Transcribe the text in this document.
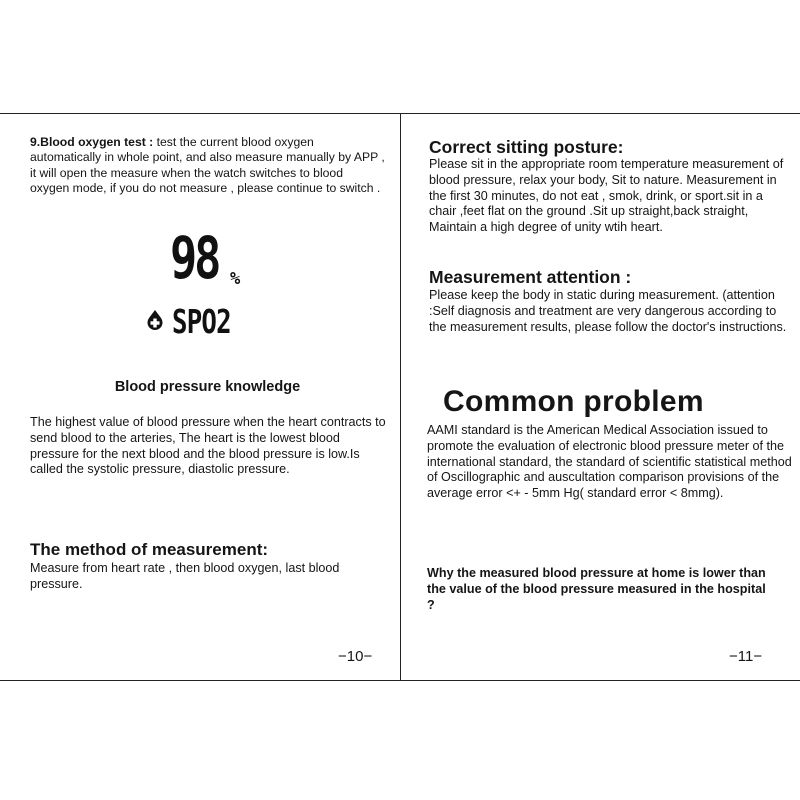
9.Blood oxygen test : test the current blood oxygen automatically in whole point, and also measure manually by APP , it will open the measure when the watch switches to blood oxygen mode, if you do not measure , please continue to switch .

98 %
SPO2
Blood pressure knowledge

The highest value of blood pressure when the heart contracts to send blood to the arteries, The heart is the lowest blood pressure for the next blood and the blood pressure is low.Is called the systolic pressure, diastolic pressure.

The method of measurement:

Measure from heart rate , then blood oxygen, last blood pressure.

−10−
Correct sitting posture:

Please sit in the appropriate room temperature measurement of blood pressure, relax your body, Sit to nature. Measurement in the first 30 minutes, do not eat , smok, drink, or sport.sit in a chair ,feet flat on the ground .Sit up straight,back straight, Maintain a high degree of unity wtih heart.

Measurement attention :

Please keep the body in static during measurement. (attention :Self diagnosis and treatment are very dangerous according to the measurement results, please follow the doctor's instructions.

Common problem

AAMI standard is the American Medical Association issued to promote the evaluation of electronic blood pressure meter of the international standard, the standard of scientific statistical method of Oscillographic and auscultation comparison provisions of the average error <+ - 5mm Hg( standard error < 8mmg).

Why the measured blood pressure at home is lower than the value of the blood pressure measured in the hospital ?

−11−
